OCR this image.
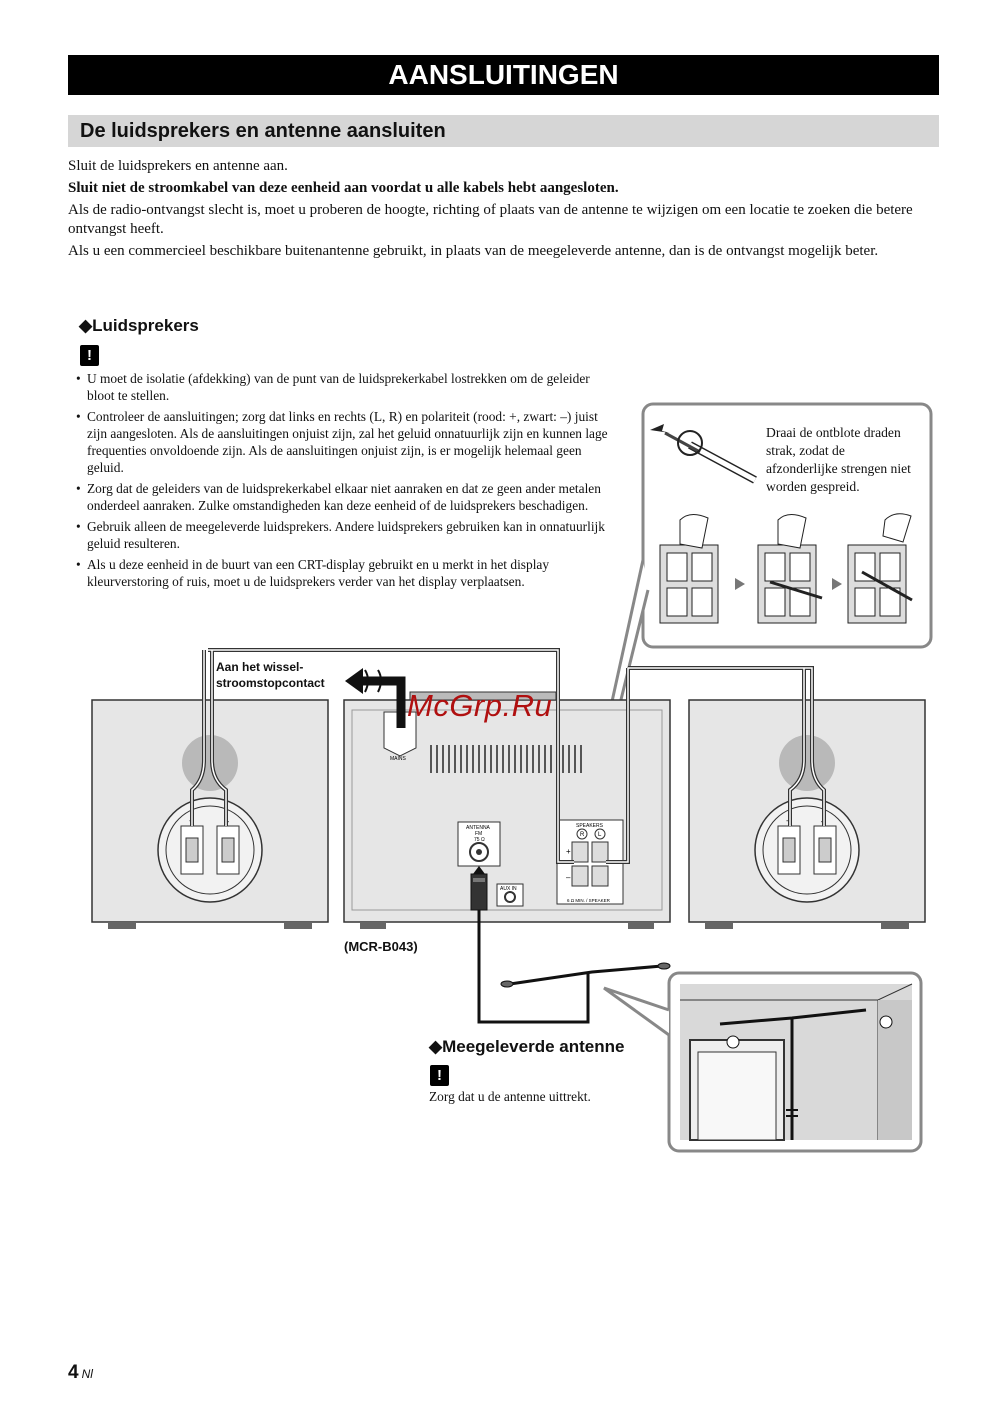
AANSLUITINGEN
De luidsprekers en antenne aansluiten

Sluit de luidsprekers en antenne aan.

Sluit niet de stroomkabel van deze eenheid aan voordat u alle kabels hebt aangesloten.

Als de radio-ontvangst slecht is, moet u proberen de hoogte, richting of plaats van de antenne te wijzigen om een locatie te zoeken die betere ontvangst heeft.

Als u een commercieel beschikbare buitenantenne gebruikt, in plaats van de meegeleverde antenne, dan is de ontvangst mogelijk beter.

◆Luidsprekers
!
• U moet de isolatie (afdekking) van de punt van de luidsprekerkabel lostrekken om de geleider bloot te stellen.
• Controleer de aansluitingen; zorg dat links en rechts (L, R) en polariteit (rood: +, zwart: –) juist zijn aangesloten. Als de aansluitingen onjuist zijn, zal het geluid onnatuurlijk zijn en kunnen lage frequenties onvoldoende zijn. Als de aansluitingen onjuist zijn, is er mogelijk helemaal geen geluid.
• Zorg dat de geleiders van de luidsprekerkabel elkaar niet aanraken en dat ze geen ander metalen onderdeel aanraken. Zulke omstandigheden kan deze eenheid of de luidsprekers beschadigen.
• Gebruik alleen de meegeleverde luidsprekers. Andere luidsprekers gebruiken kan in onnatuurlijk geluid resulteren.
• Als u deze eenheid in de buurt van een CRT-display gebruikt en u merkt in het display kleurverstoring of ruis, moet u de luidsprekers verder van het display verplaatsen.
+	–	+	–
MAINS
ANTENNA
FM
75 Ω
AUX IN
SPEAKERS
R L
+
–
6 Ω MIN. / SPEAKER
Draai de ontblote draden strak, zodat de afzonderlijke strengen niet worden gespreid.
Aan het wissel-
stroomstopcontact
McGrp.Ru
(MCR-B043)
◆Meegeleverde antenne
!
Zorg dat u de antenne uittrekt.
4 Nl
